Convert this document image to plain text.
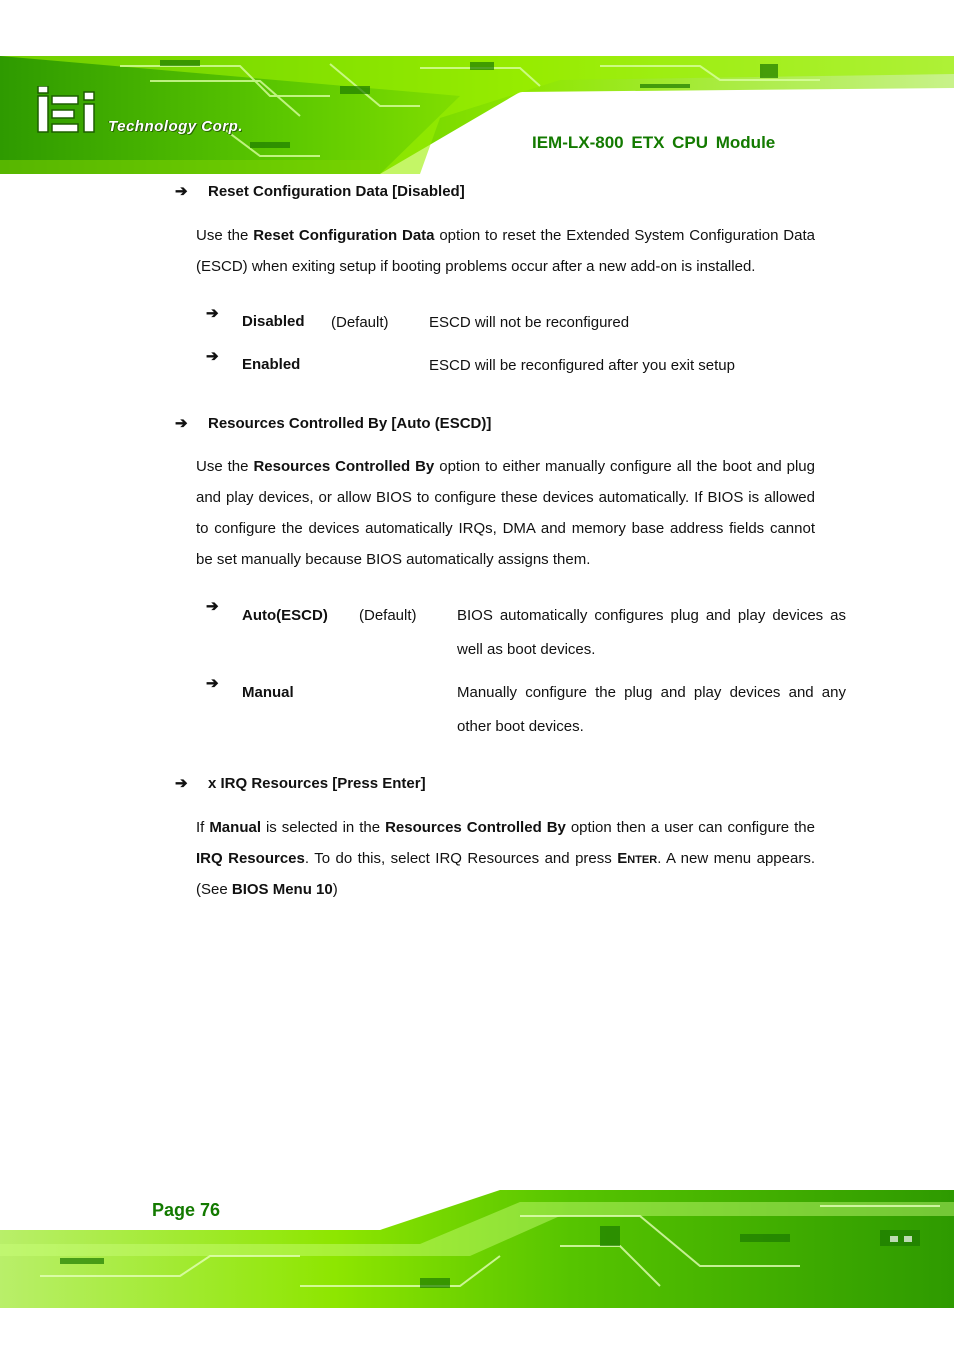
Technology Corp.
IEM-LX-800 ETX CPU Module
➔ Reset Configuration Data [Disabled]
Use the Reset Configuration Data option to reset the Extended System Configuration Data (ESCD) when exiting setup if booting problems occur after a new add-on is installed.
➔ Disabled (Default)	ESCD will not be reconfigured
➔ Enabled	ESCD will be reconfigured after you exit setup
➔ Resources Controlled By [Auto (ESCD)]
Use the Resources Controlled By option to either manually configure all the boot and plug and play devices, or allow BIOS to configure these devices automatically. If BIOS is allowed to configure the devices automatically IRQs, DMA and memory base address fields cannot be set manually because BIOS automatically assigns them.
➔
Auto(ESCD) (Default)	BIOS automatically configures plug and play devices as well as boot devices.
➔
Manual	Manually configure the plug and play devices and any other boot devices.
➔ x IRQ Resources [Press Enter]
If Manual is selected in the Resources Controlled By option then a user can configure the IRQ Resources. To do this, select IRQ Resources and press Enter. A new menu appears. (See BIOS Menu 10)
Page 76
